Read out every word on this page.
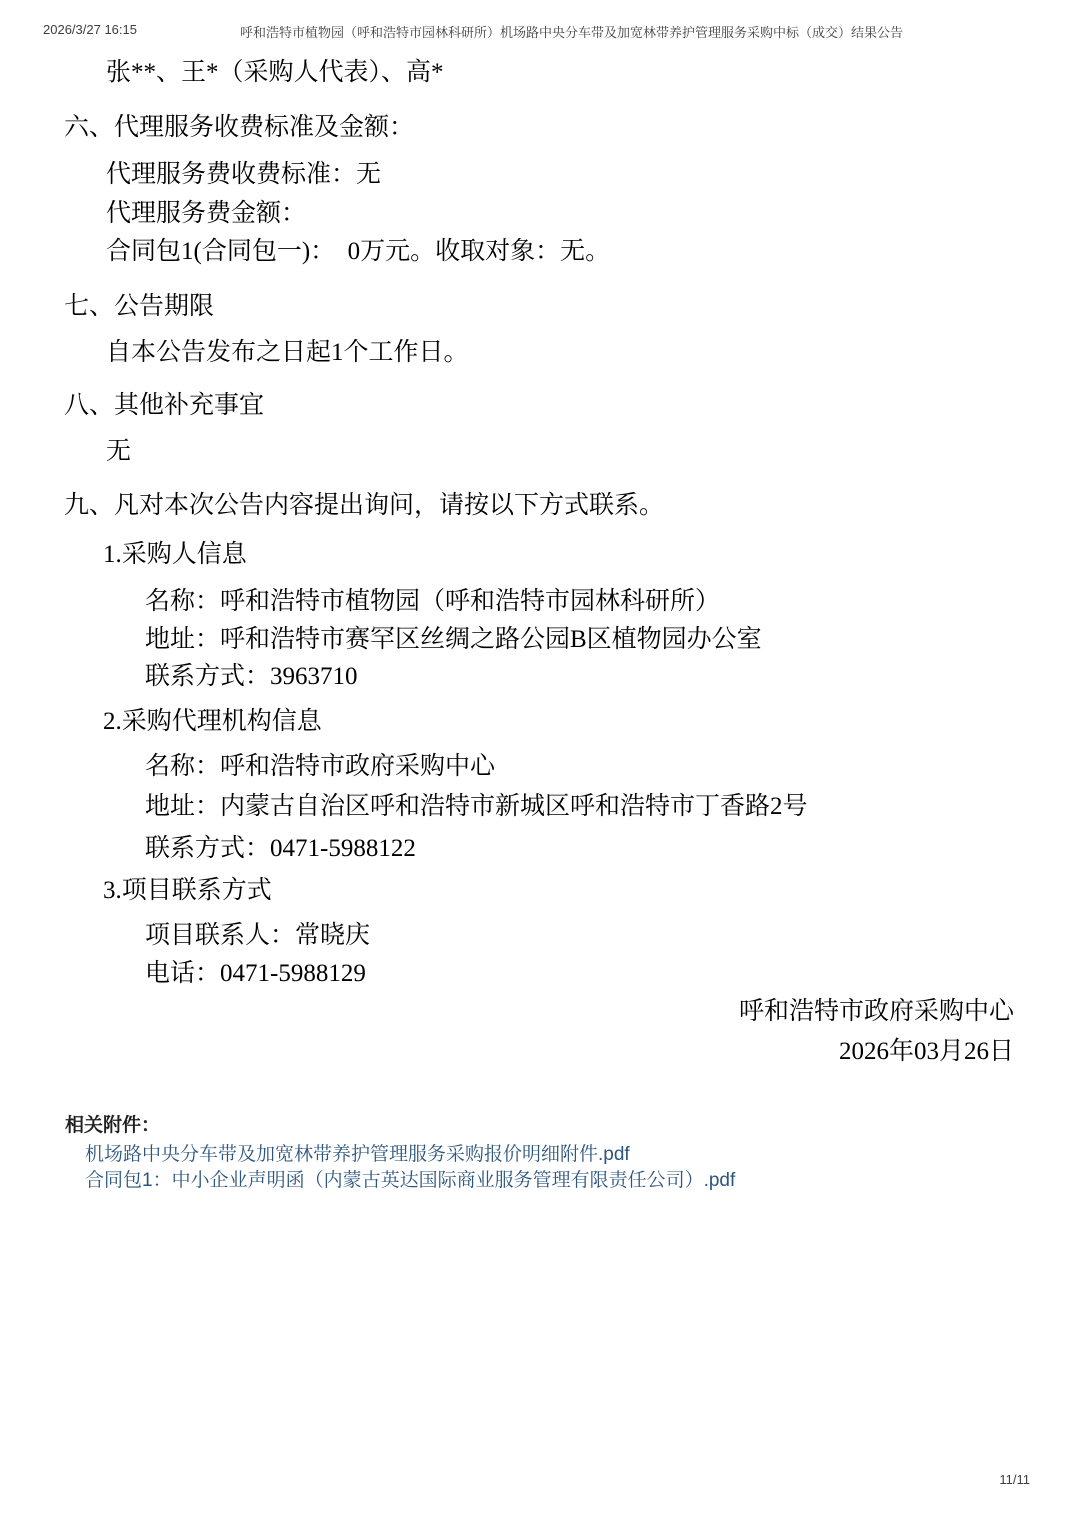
2026/3/27 16:15	呼和浩特市植物园（呼和浩特市园林科研所）机场路中央分车带及加宽林带养护管理服务采购中标（成交）结果公告
张**、王*（采购人代表）、高*
六、代理服务收费标准及金额：
代理服务费收费标准：无
代理服务费金额：
合同包1(合同包一)：  0万元。收取对象：无。
七、公告期限
自本公告发布之日起1个工作日。
八、其他补充事宜
无
九、凡对本次公告内容提出询问，请按以下方式联系。
1.采购人信息
名称：呼和浩特市植物园（呼和浩特市园林科研所）
地址：呼和浩特市赛罕区丝绸之路公园B区植物园办公室
联系方式：3963710
2.采购代理机构信息
名称：呼和浩特市政府采购中心
地址：内蒙古自治区呼和浩特市新城区呼和浩特市丁香路2号
联系方式：0471-5988122
3.项目联系方式
项目联系人：常晓庆
电话：0471-5988129
呼和浩特市政府采购中心
2026年03月26日
相关附件：
机场路中央分车带及加宽林带养护管理服务采购报价明细附件.pdf
合同包1：中小企业声明函（内蒙古英达国际商业服务管理有限责任公司）.pdf
11/11
